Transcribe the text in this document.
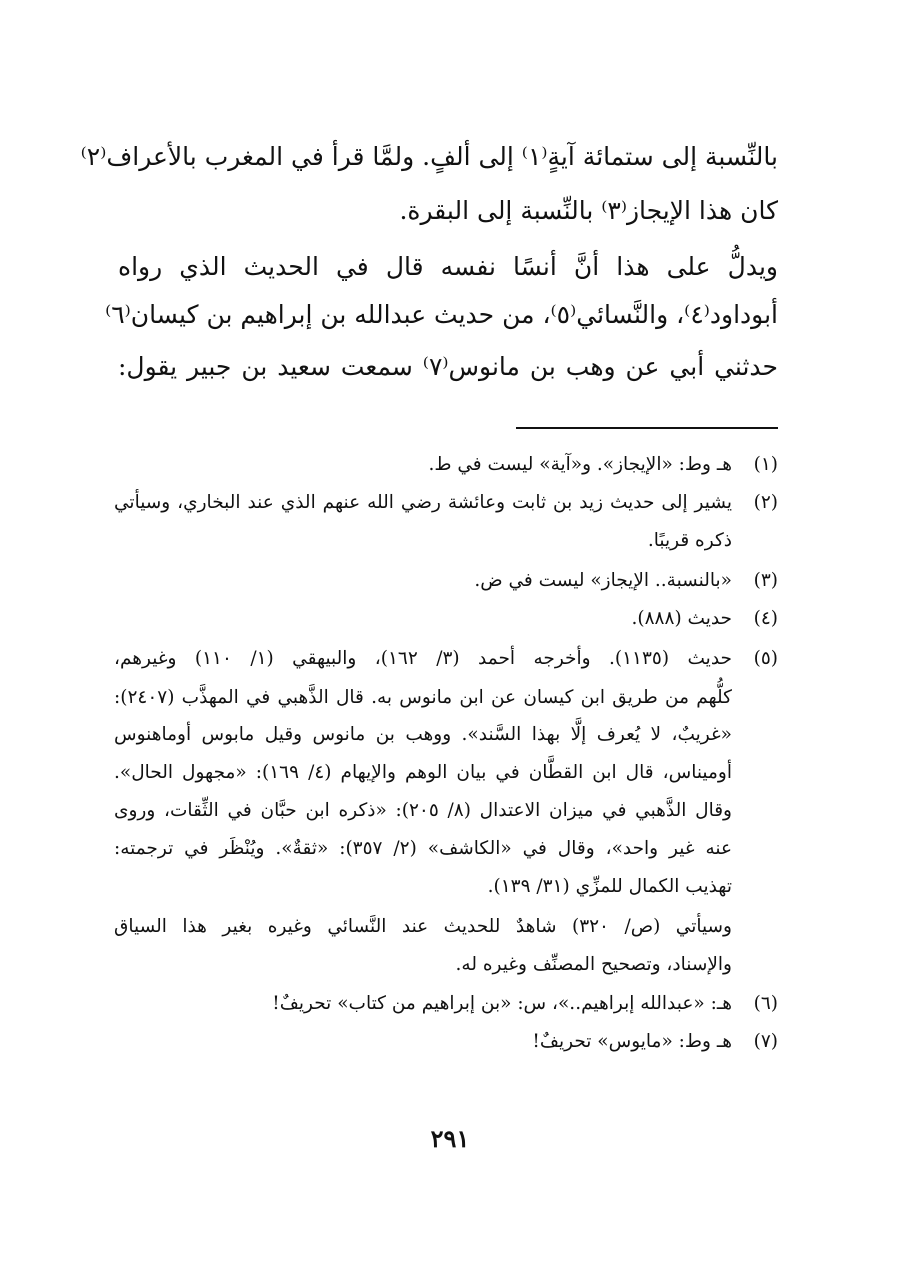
بالنِّسبة إلى ستمائة آيةٍ⁽١⁾ إلى ألفٍ. ولمَّا قرأ في المغرب بالأعراف⁽٢⁾
كان هذا الإيجاز⁽٣⁾ بالنِّسبة إلى البقرة.
ويدلُّ على هذا أنَّ أنسًا نفسه قال في الحديث الذي رواه
أبوداود⁽٤⁾، والنَّسائي⁽٥⁾، من حديث عبدالله بن إبراهيم بن كيسان⁽٦⁾
حدثني أبي عن وهب بن مانوس⁽٧⁾ سمعت سعيد بن جبير يقول:
(١)
هـ وط: «الإيجاز». و«آية» ليست في ط.
(٢)
يشير إلى حديث زيد بن ثابت وعائشة رضي الله عنهم الذي عند البخاري، وسيأتي
ذكره قريبًا.
(٣)
«بالنسبة.. الإيجاز» ليست في ض.
(٤)
حديث (٨٨٨).
(٥)
حديث (١١٣٥). وأخرجه أحمد (٣/ ١٦٢)، والبيهقي (١/ ١١٠) وغيرهم،
كلُّهم من طريق ابن كيسان عن ابن مانوس به. قال الذَّهبي في المهذَّب (٢٤٠٧):
«غريبٌ، لا يُعرف إلَّا بهذا السَّند». ووهب بن مانوس وقيل مابوس أوماهنوس
أوميناس، قال ابن القطَّان في بيان الوهم والإيهام (٤/ ١٦٩): «مجهول الحال».
وقال الذَّهبي في ميزان الاعتدال (٨/ ٢٠٥): «ذكره ابن حبَّان في الثِّقات، وروى
عنه غير واحد»، وقال في «الكاشف» (٢/ ٣٥٧): «ثقةٌ». ويُنْظَر في ترجمته:
تهذيب الكمال للمزِّي (٣١/ ١٣٩).
وسيأتي (ص/ ٣٢٠) شاهدٌ للحديث عند النَّسائي وغيره بغير هذا السياق
والإسناد، وتصحيح المصنِّف وغيره له.
(٦)
هـ: «عبدالله إبراهيم..»، س: «بن إبراهيم من كتاب» تحريفٌ!
(٧)
هـ وط: «مايوس» تحريفٌ!
٢٩١
